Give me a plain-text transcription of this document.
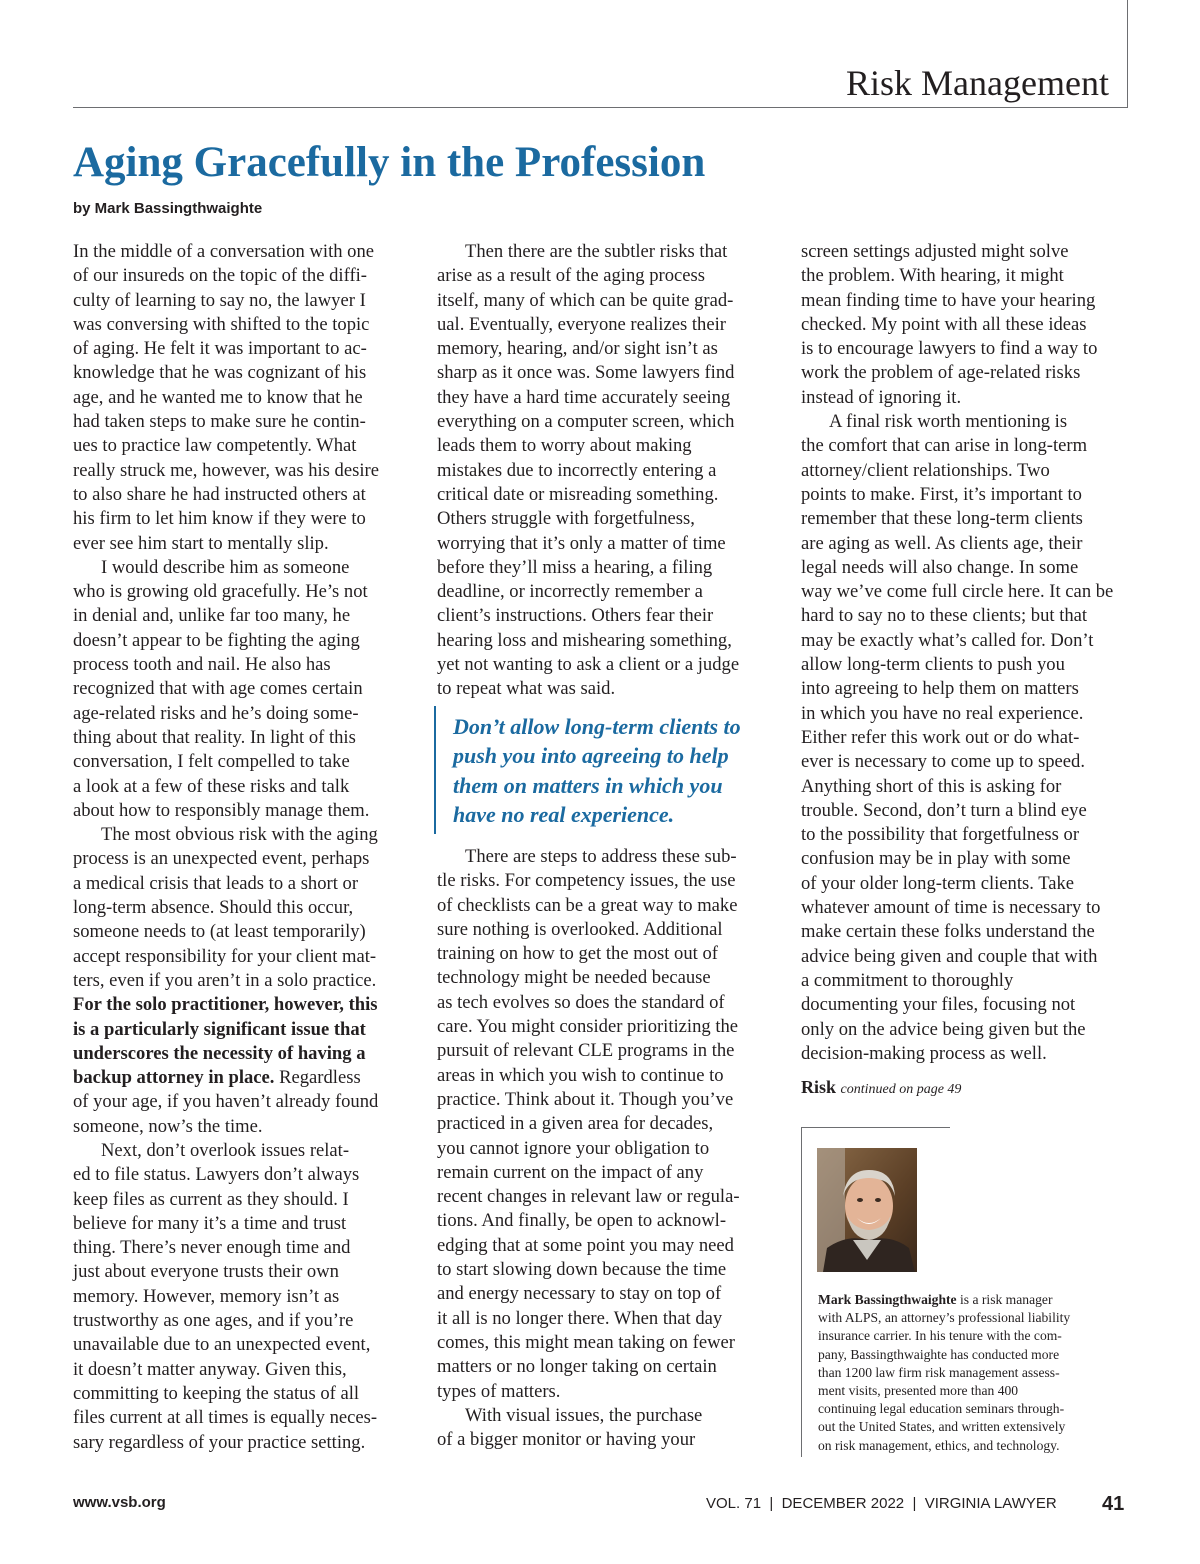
Risk Management
Aging Gracefully in the Profession
by Mark Bassingthwaighte

In the middle of a conversation with one
of our insureds on the topic of the diffi-
culty of learning to say no, the lawyer I
was conversing with shifted to the topic
of aging. He felt it was important to ac-
knowledge that he was cognizant of his
age, and he wanted me to know that he
had taken steps to make sure he contin-
ues to practice law competently. What
really struck me, however, was his desire
to also share he had instructed others at
his firm to let him know if they were to
ever see him start to mentally slip.

I would describe him as someone
who is growing old gracefully. He’s not
in denial and, unlike far too many, he
doesn’t appear to be fighting the aging
process tooth and nail. He also has
recognized that with age comes certain
age-related risks and he’s doing some-
thing about that reality. In light of this
conversation, I felt compelled to take
a look at a few of these risks and talk
about how to responsibly manage them.

The most obvious risk with the aging
process is an unexpected event, perhaps
a medical crisis that leads to a short or
long-term absence. Should this occur,
someone needs to (at least temporarily)
accept responsibility for your client mat-
ters, even if you aren’t in a solo practice.
For the solo practitioner, however, this
is a particularly significant issue that
underscores the necessity of having a
backup attorney in place. Regardless
of your age, if you haven’t already found
someone, now’s the time.

Next, don’t overlook issues relat-
ed to file status. Lawyers don’t always
keep files as current as they should. I
believe for many it’s a time and trust
thing. There’s never enough time and
just about everyone trusts their own
memory. However, memory isn’t as
trustworthy as one ages, and if you’re
unavailable due to an unexpected event,
it doesn’t matter anyway. Given this,
committing to keeping the status of all
files current at all times is equally neces-
sary regardless of your practice setting.

Then there are the subtler risks that
arise as a result of the aging process
itself, many of which can be quite grad-
ual. Eventually, everyone realizes their
memory, hearing, and/or sight isn’t as
sharp as it once was. Some lawyers find
they have a hard time accurately seeing
everything on a computer screen, which
leads them to worry about making
mistakes due to incorrectly entering a
critical date or misreading something.
Others struggle with forgetfulness,
worrying that it’s only a matter of time
before they’ll miss a hearing, a filing
deadline, or incorrectly remember a
client’s instructions. Others fear their
hearing loss and mishearing something,
yet not wanting to ask a client or a judge
to repeat what was said.

Don’t allow long-term clients to
push you into agreeing to help
them on matters in which you
have no real experience.

There are steps to address these sub-
tle risks. For competency issues, the use
of checklists can be a great way to make
sure nothing is overlooked. Additional
training on how to get the most out of
technology might be needed because
as tech evolves so does the standard of
care. You might consider prioritizing the
pursuit of relevant CLE programs in the
areas in which you wish to continue to
practice. Think about it. Though you’ve
practiced in a given area for decades,
you cannot ignore your obligation to
remain current on the impact of any
recent changes in relevant law or regula-
tions. And finally, be open to acknowl-
edging that at some point you may need
to start slowing down because the time
and energy necessary to stay on top of
it all is no longer there. When that day
comes, this might mean taking on fewer
matters or no longer taking on certain
types of matters.

With visual issues, the purchase
of a bigger monitor or having your

screen settings adjusted might solve
the problem. With hearing, it might
mean finding time to have your hearing
checked. My point with all these ideas
is to encourage lawyers to find a way to
work the problem of age-related risks
instead of ignoring it.

A final risk worth mentioning is
the comfort that can arise in long-term
attorney/client relationships. Two
points to make. First, it’s important to
remember that these long-term clients
are aging as well. As clients age, their
legal needs will also change. In some
way we’ve come full circle here. It can be
hard to say no to these clients; but that
may be exactly what’s called for. Don’t
allow long-term clients to push you
into agreeing to help them on matters
in which you have no real experience.
Either refer this work out or do what-
ever is necessary to come up to speed.
Anything short of this is asking for
trouble. Second, don’t turn a blind eye
to the possibility that forgetfulness or
confusion may be in play with some
of your older long-term clients. Take
whatever amount of time is necessary to
make certain these folks understand the
advice being given and couple that with
a commitment to thoroughly
documenting your files, focusing not
only on the advice being given but the
decision-making process as well.

Risk continued on page 49
Mark Bassingthwaighte is a risk manager
with ALPS, an attorney’s professional liability
insurance carrier. In his tenure with the com-
pany, Bassingthwaighte has conducted more
than 1200 law firm risk management assess-
ment visits, presented more than 400
continuing legal education seminars through-
out the United States, and written extensively
on risk management, ethics, and technology.
www.vsb.org	VOL. 71  |  DECEMBER 2022  |  VIRGINIA LAWYER 41
